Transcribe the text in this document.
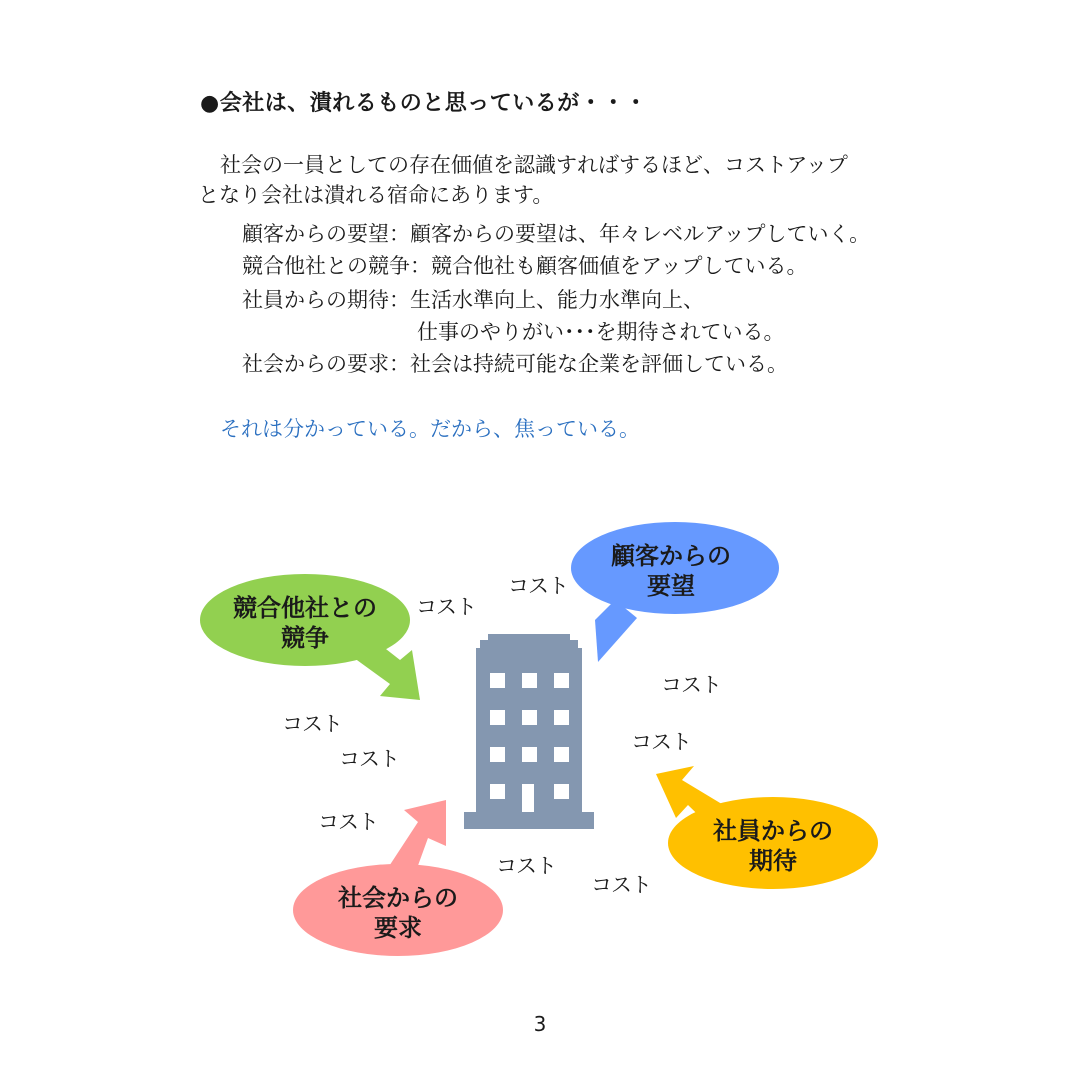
●会社は、潰れるものと思っているが・・・
社会の一員としての存在価値を認識すればするほど、コストアップ
となり会社は潰れる宿命にあります。
顧客からの要望：顧客からの要望は、年々レベルアップしていく。
競合他社との競争：競合他社も顧客価値をアップしている。
社員からの期待：生活水準向上、能力水準向上、
仕事のやりがい･･･を期待されている。
社会からの要求：社会は持続可能な企業を評価している。
それは分かっている。だから、焦っている。
顧客からの
要望
競合他社との
競争
社員からの
期待
社会からの
要求
コスト
コスト
コスト
コスト
コスト
コスト
コスト
コスト
コスト
3
